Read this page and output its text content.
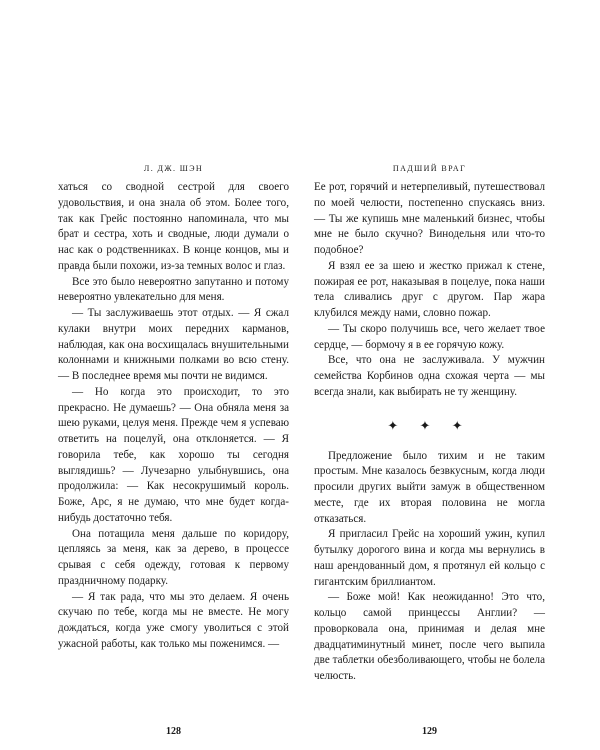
Л. ДЖ. ШЭН

хаться со сводной сестрой для своего удовольствия, и она знала об этом. Более того, так как Грейс постоянно напоминала, что мы брат и сестра, хоть и сводные, люди думали о нас как о родственниках. В конце концов, мы и правда были похожи, из-за темных волос и глаз.

Все это было невероятно запутанно и потому невероятно увлекательно для меня.

— Ты заслуживаешь этот отдых. — Я сжал кулаки внутри моих передних карманов, наблюдая, как она восхищалась внушительными колоннами и книжными полками во всю стену. — В последнее время мы почти не видимся.

— Но когда это происходит, то это прекрасно. Не думаешь? — Она обняла меня за шею руками, целуя меня. Прежде чем я успеваю ответить на поцелуй, она отклоняется. — Я говорила тебе, как хорошо ты сегодня выглядишь? — Лучезарно улыбнувшись, она продолжила: — Как несокрушимый король. Боже, Арс, я не думаю, что мне будет когда-нибудь достаточно тебя.

Она потащила меня дальше по коридору, цепляясь за меня, как за дерево, в процессе срывая с себя одежду, готовая к первому праздничному подарку.

— Я так рада, что мы это делаем. Я очень скучаю по тебе, когда мы не вместе. Не могу дождаться, когда уже смогу уволиться с этой ужасной работы, как только мы поженимся. —

128
ПАДШИЙ ВРАГ

Ее рот, горячий и нетерпеливый, путешествовал по моей челюсти, постепенно спускаясь вниз. — Ты же купишь мне маленький бизнес, чтобы мне не было скучно? Винодельня или что-то подобное?

Я взял ее за шею и жестко прижал к стене, пожирая ее рот, наказывая в поцелуе, пока наши тела сливались друг с другом. Пар жара клубился между нами, словно пожар.

— Ты скоро получишь все, чего желает твое сердце, — бормочу я в ее горячую кожу.

Все, что она не заслуживала. У мужчин семейства Корбинов одна схожая черта — мы всегда знали, как выбирать не ту женщину.

✦ ✦ ✦

Предложение было тихим и не таким простым. Мне казалось безвкусным, когда люди просили других выйти замуж в общественном месте, где их вторая половина не могла отказаться.

Я пригласил Грейс на хороший ужин, купил бутылку дорогого вина и когда мы вернулись в наш арендованный дом, я протянул ей кольцо с гигантским бриллиантом.

— Боже мой! Как неожиданно! Это что, кольцо самой принцессы Англии? — проворковала она, принимая и делая мне двадцатиминутный минет, после чего выпила две таблетки обезболивающего, чтобы не болела челюсть.

129
